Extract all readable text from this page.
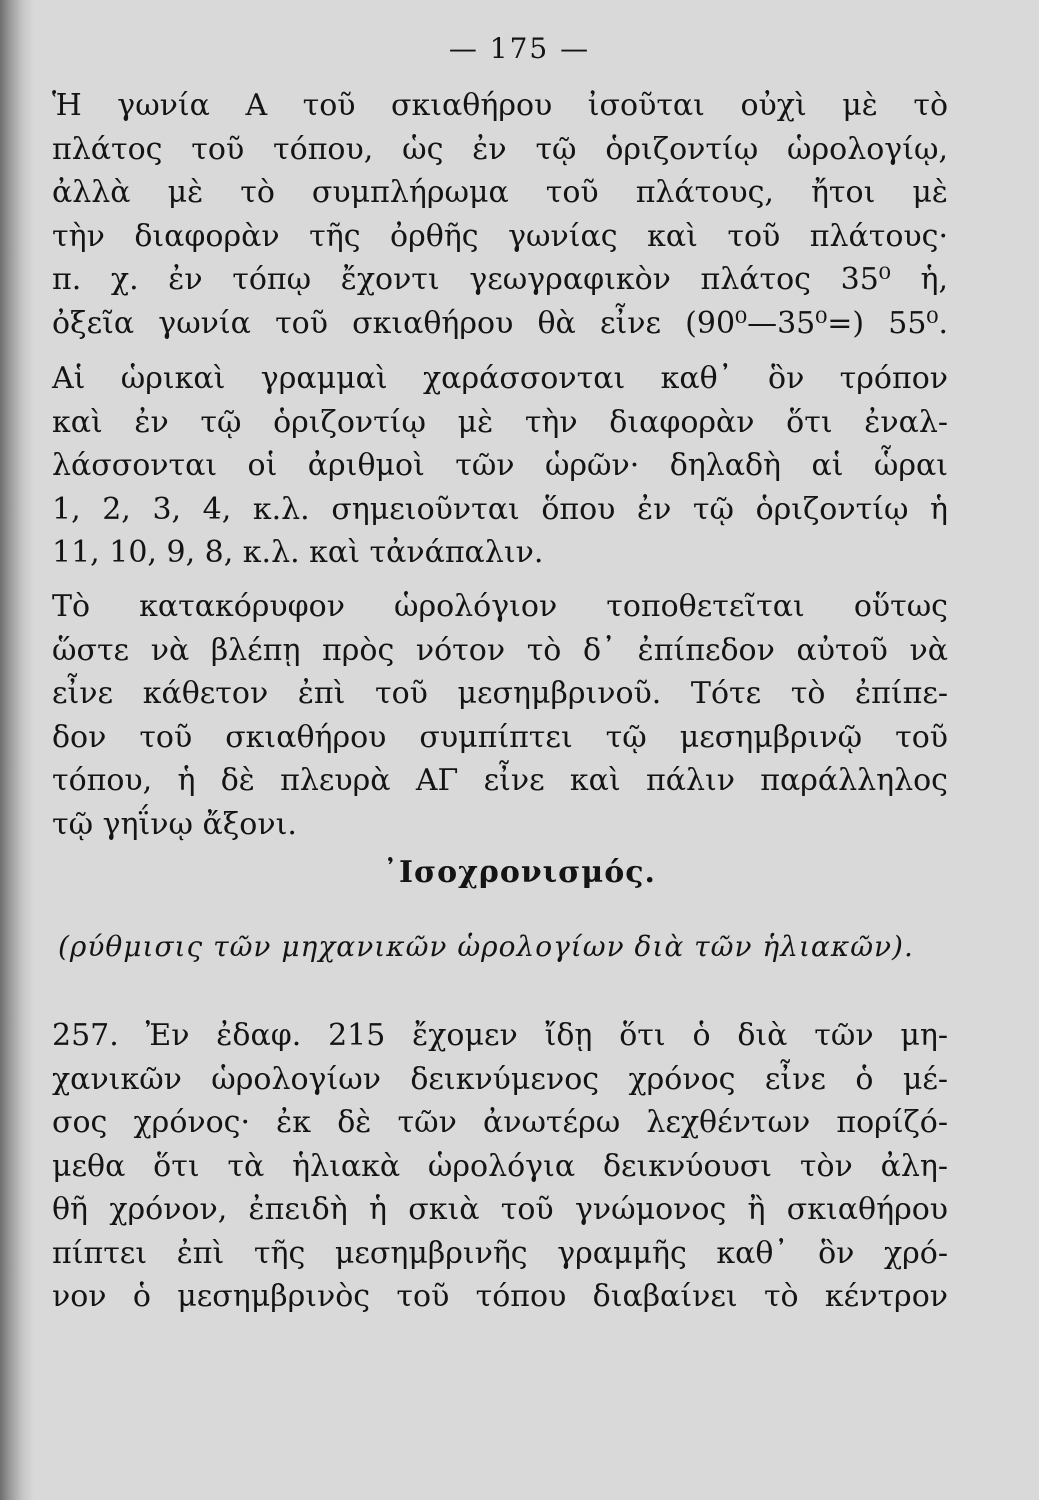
— 175 —
Ἡ γωνία Α τοῦ σκιαθήρου ἰσοῦται οὐχὶ μὲ τὸ
πλάτος τοῦ τόπου, ὡς ἐν τῷ ὁριζοντίῳ ὡρολογίῳ,
ἀλλὰ μὲ τὸ συμπλήρωμα τοῦ πλάτους, ἤτοι μὲ
τὴν διαφορὰν τῆς ὀρθῆς γωνίας καὶ τοῦ πλάτους·
π. χ. ἐν τόπῳ ἔχοντι γεωγραφικὸν πλάτος 35⁰ ἡ,
ὀξεῖα γωνία τοῦ σκιαθήρου θὰ εἶνε (90⁰—35⁰=) 55⁰.
Αἱ ὡρικαὶ γραμμαὶ χαράσσονται καθ᾽ ὃν τρόπον
καὶ ἐν τῷ ὁριζοντίῳ μὲ τὴν διαφορὰν ὅτι ἐναλ-
λάσσονται οἱ ἀριθμοὶ τῶν ὡρῶν· δηλαδὴ αἱ ὧραι
1, 2, 3, 4, κ.λ. σημειοῦνται ὅπου ἐν τῷ ὁριζοντίῳ ἡ
11, 10, 9, 8, κ.λ. καὶ τἀνάπαλιν.
Τὸ κατακόρυφον ὡρολόγιον τοποθετεῖται οὕτως
ὥστε νὰ βλέπῃ πρὸς νότον τὸ δ᾽ ἐπίπεδον αὐτοῦ νὰ
εἶνε κάθετον ἐπὶ τοῦ μεσημβρινοῦ. Τότε τὸ ἐπίπε-
δον τοῦ σκιαθήρου συμπίπτει τῷ μεσημβρινῷ τοῦ
τόπου, ἡ δὲ πλευρὰ ΑΓ εἶνε καὶ πάλιν παράλληλος
τῷ γηΐνῳ ἄξονι.
᾿Ισοχρονισμός.
(ρύθμισις τῶν μηχανικῶν ὡρολογίων διὰ τῶν ἡλιακῶν).
257. Ἐν ἐδαφ. 215 ἔχομεν ἴδῃ ὅτι ὁ διὰ τῶν μη-
χανικῶν ὡρολογίων δεικνύμενος χρόνος εἶνε ὁ μέ-
σος χρόνος· ἐκ δὲ τῶν ἀνωτέρω λεχθέντων πορίζό-
μεθα ὅτι τὰ ἡλιακὰ ὡρολόγια δεικνύουσι τὸν ἀλη-
θῆ χρόνον, ἐπειδὴ ἡ σκιὰ τοῦ γνώμονος ἢ σκιαθήρου
πίπτει ἐπὶ τῆς μεσημβρινῆς γραμμῆς καθ᾽ ὃν χρό-
νον ὁ μεσημβρινὸς τοῦ τόπου διαβαίνει τὸ κέντρον
